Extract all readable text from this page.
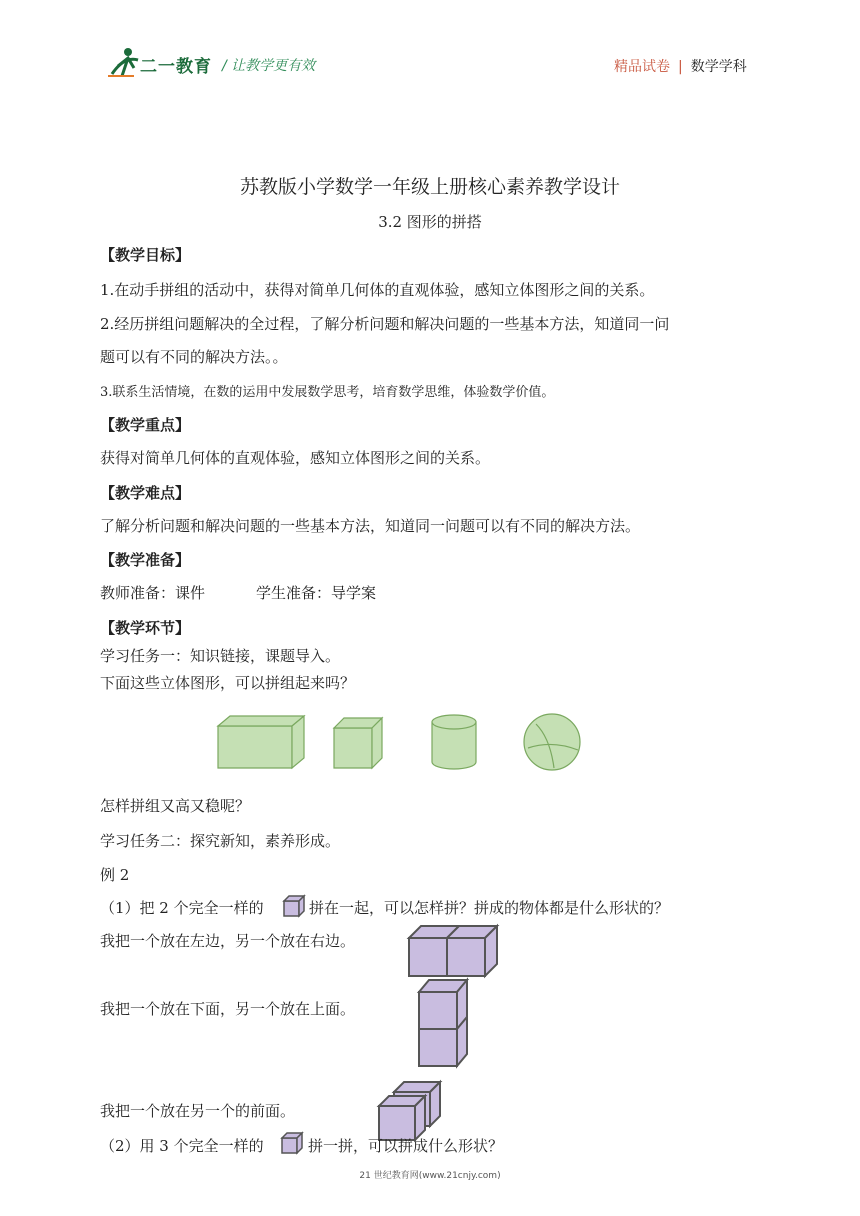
二一教育 / 让教学更有效	精品试卷 | 数学学科
苏教版小学数学一年级上册核心素养教学设计
3.2 图形的拼搭
【教学目标】
1.在动手拼组的活动中，获得对简单几何体的直观体验，感知立体图形之间的关系。
2.经历拼组问题解决的全过程，了解分析问题和解决问题的一些基本方法，知道同一问
题可以有不同的解决方法。。
3.联系生活情境，在数的运用中发展数学思考，培育数学思维，体验数学价值。
【教学重点】
获得对简单几何体的直观体验，感知立体图形之间的关系。
【教学难点】
了解分析问题和解决问题的一些基本方法，知道同一问题可以有不同的解决方法。
【教学准备】
教师准备：课件	学生准备：导学案
【教学环节】
学习任务一：知识链接，课题导入。
下面这些立体图形，可以拼组起来吗？
怎样拼组又高又稳呢？
学习任务二：探究新知，素养形成。
例 2
（1）把 2 个完全一样的	拼在一起，可以怎样拼？拼成的物体都是什么形状的？
我把一个放在左边，另一个放在右边。
我把一个放在下面，另一个放在上面。
我把一个放在另一个的前面。
（2）用 3 个完全一样的	拼一拼，可以拼成什么形状？
21 世纪教育网(www.21cnjy.com)
